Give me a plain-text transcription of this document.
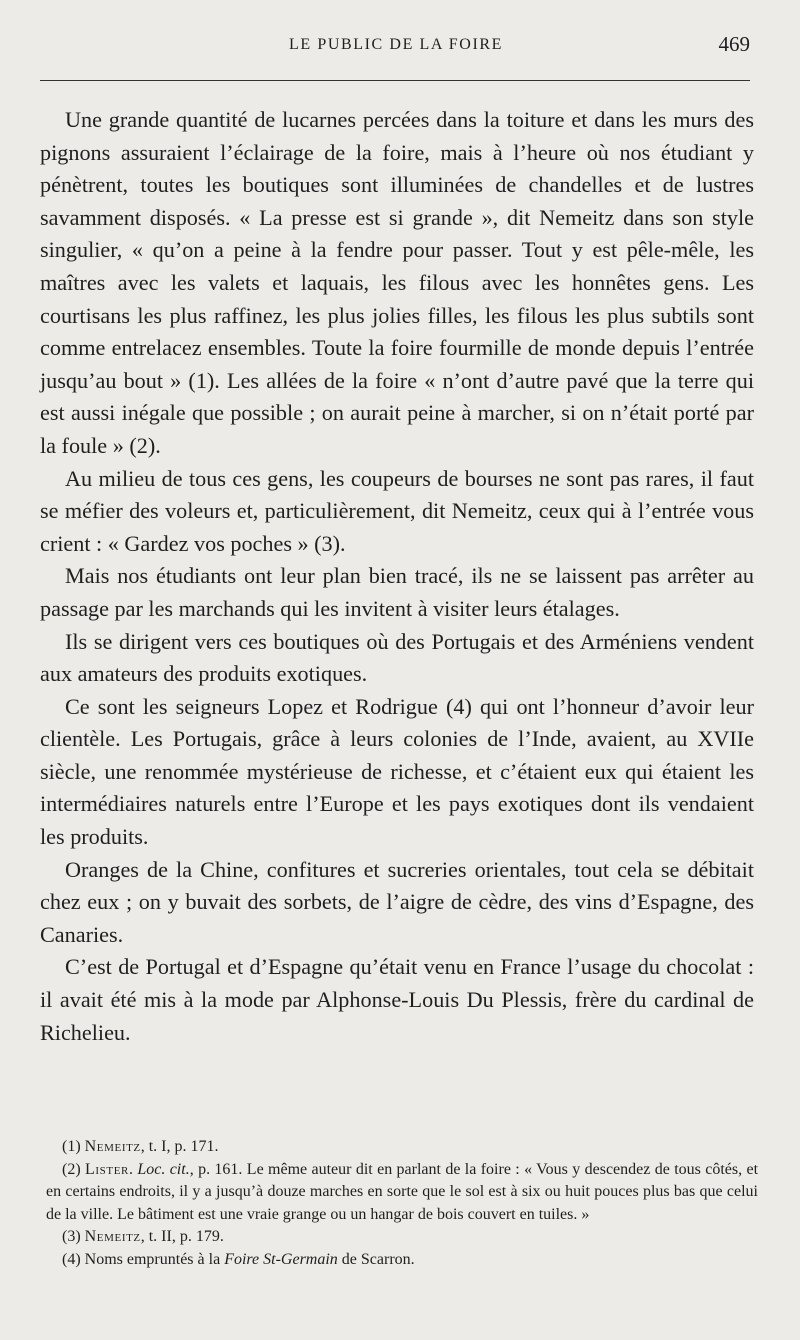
LE PUBLIC DE LA FOIRE	469

Une grande quantité de lucarnes percées dans la toiture et dans les murs des pignons assuraient l’éclairage de la foire, mais à l’heure où nos étudiant y pénètrent, toutes les boutiques sont illuminées de chandelles et de lustres savamment disposés. « La presse est si grande », dit Nemeitz dans son style singulier, « qu’on a peine à la fendre pour passer. Tout y est pêle-mêle, les maîtres avec les valets et laquais, les filous avec les honnêtes gens. Les courtisans les plus raffinez, les plus jolies filles, les filous les plus subtils sont comme entrelacez ensembles. Toute la foire fourmille de monde depuis l’entrée jusqu’au bout » (1). Les allées de la foire « n’ont d’autre pavé que la terre qui est aussi inégale que possible ; on aurait peine à marcher, si on n’était porté par la foule » (2).

Au milieu de tous ces gens, les coupeurs de bourses ne sont pas rares, il faut se méfier des voleurs et, particulièrement, dit Nemeitz, ceux qui à l’entrée vous crient : « Gardez vos poches » (3).

Mais nos étudiants ont leur plan bien tracé, ils ne se laissent pas arrêter au passage par les marchands qui les invitent à visiter leurs étalages.

Ils se dirigent vers ces boutiques où des Portugais et des Arméniens vendent aux amateurs des produits exotiques.

Ce sont les seigneurs Lopez et Rodrigue (4) qui ont l’honneur d’avoir leur clientèle. Les Portugais, grâce à leurs colonies de l’Inde, avaient, au XVIIe siècle, une renommée mystérieuse de richesse, et c’étaient eux qui étaient les intermédiaires naturels entre l’Europe et les pays exotiques dont ils vendaient les produits.

Oranges de la Chine, confitures et sucreries orientales, tout cela se débitait chez eux ; on y buvait des sorbets, de l’aigre de cèdre, des vins d’Espagne, des Canaries.

C’est de Portugal et d’Espagne qu’était venu en France l’usage du chocolat : il avait été mis à la mode par Alphonse-Louis Du Plessis, frère du cardinal de Richelieu.

(1) Nemeitz, t. I, p. 171.

(2) Lister. Loc. cit., p. 161. Le même auteur dit en parlant de la foire : « Vous y descendez de tous côtés, et en certains endroits, il y a jusqu’à douze marches en sorte que le sol est à six ou huit pouces plus bas que celui de la ville. Le bâtiment est une vraie grange ou un hangar de bois couvert en tuiles. »

(3) Nemeitz, t. II, p. 179.

(4) Noms empruntés à la Foire St-Germain de Scarron.
